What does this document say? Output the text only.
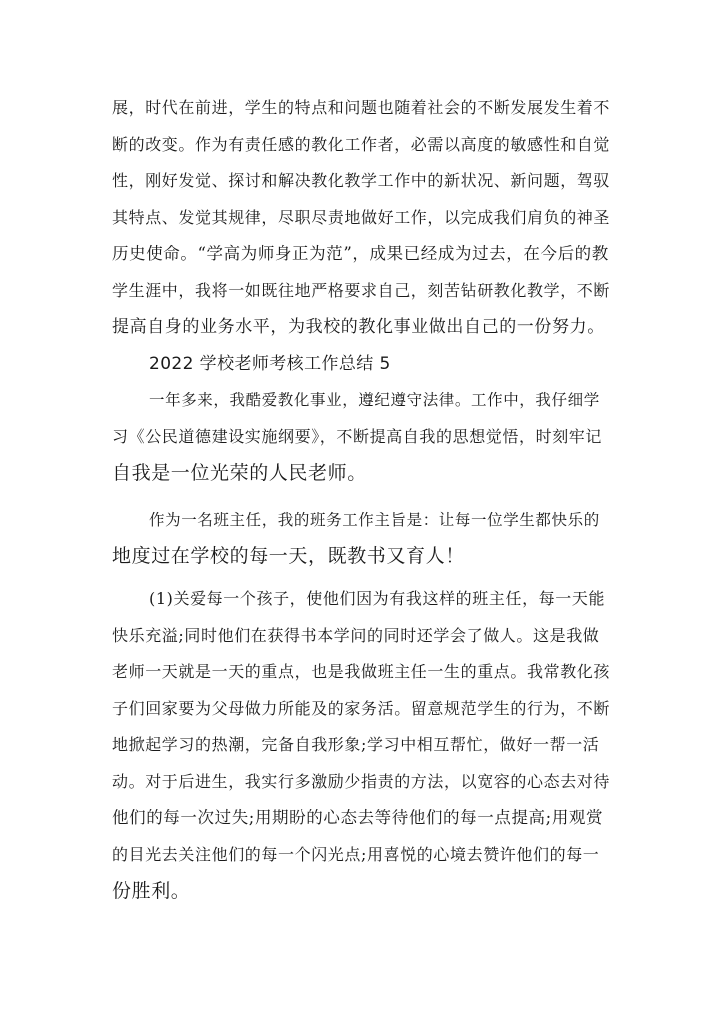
展，时代在前进，学生的特点和问题也随着社会的不断发展发生着不
断的改变。作为有责任感的教化工作者，必需以高度的敏感性和自觉
性，刚好发觉、探讨和解决教化教学工作中的新状况、新问题，驾驭
其特点、发觉其规律，尽职尽责地做好工作，以完成我们肩负的神圣
历史使命。“学高为师身正为范”，成果已经成为过去，在今后的教
学生涯中，我将一如既往地严格要求自己，刻苦钻研教化教学，不断
提高自身的业务水平，为我校的教化事业做出自己的一份努力。
2022 学校老师考核工作总结 5
一年多来，我酷爱教化事业，遵纪遵守法律。工作中，我仔细学
习《公民道德建设实施纲要》，不断提高自我的思想觉悟，时刻牢记
自我是一位光荣的人民老师。
作为一名班主任，我的班务工作主旨是：让每一位学生都快乐的
地度过在学校的每一天，既教书又育人！
(1)关爱每一个孩子，使他们因为有我这样的班主任，每一天能
快乐充溢;同时他们在获得书本学问的同时还学会了做人。这是我做
老师一天就是一天的重点，也是我做班主任一生的重点。我常教化孩
子们回家要为父母做力所能及的家务活。留意规范学生的行为，不断
地掀起学习的热潮，完备自我形象;学习中相互帮忙，做好一帮一活
动。对于后进生，我实行多激励少指责的方法，以宽容的心态去对待
他们的每一次过失;用期盼的心态去等待他们的每一点提高;用观赏
的目光去关注他们的每一个闪光点;用喜悦的心境去赞许他们的每一
份胜利。
